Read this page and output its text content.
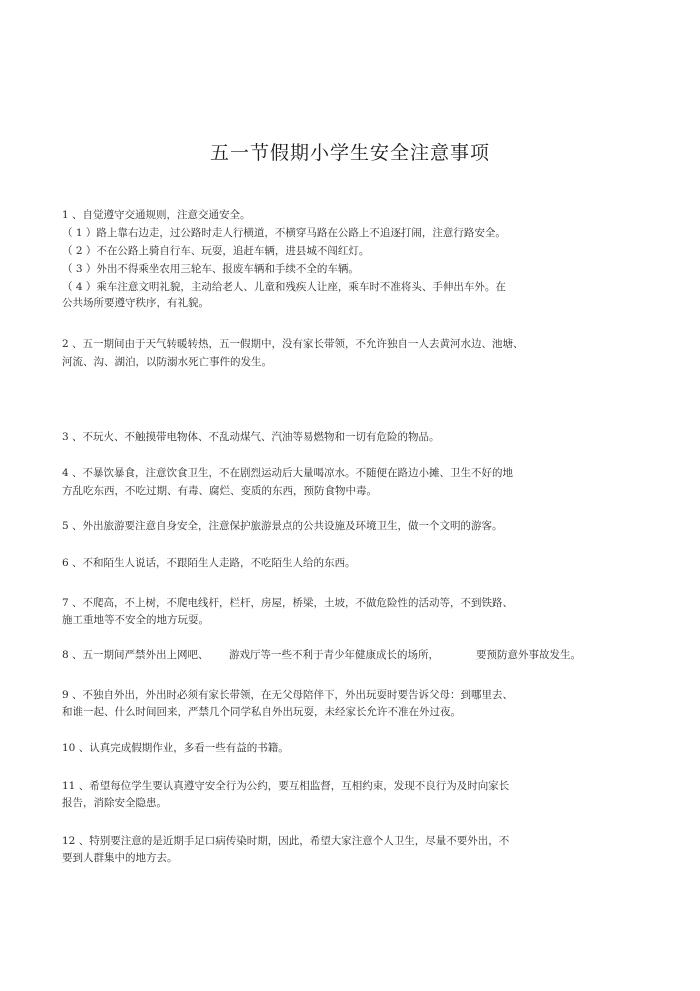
五一节假期小学生安全注意事项
1 、自觉遵守交通规则，注意交通安全。
（ 1 ）路上靠右边走，过公路时走人行横道，不横穿马路在公路上不追逐打闹，注意行路安全。
（ 2 ）不在公路上骑自行车、玩耍，追赶车辆，进县城不闯红灯。
（ 3 ）外出不得乘坐农用三轮车、报废车辆和手续不全的车辆。
（ 4 ）乘车注意文明礼貌，主动给老人、儿童和残疾人让座，乘车时不准将头、手伸出车外。在
公共场所要遵守秩序，有礼貌。
2 、五一期间由于天气转暖转热，五一假期中，没有家长带领，不允许独自一人去黄河水边、池塘、
河流、沟、湖泊，以防溺水死亡事件的发生。
3 、不玩火、不触摸带电物体、不乱动煤气、汽油等易燃物和一切有危险的物品。
4 、不暴饮暴食，注意饮食卫生，不在剧烈运动后大量喝凉水。不随便在路边小摊、卫生不好的地
方乱吃东西，不吃过期、有毒、腐烂、变质的东西，预防食物中毒。
5 、外出旅游要注意自身安全，注意保护旅游景点的公共设施及环境卫生，做一个文明的游客。
6 、不和陌生人说话，不跟陌生人走路，不吃陌生人给的东西。
7 、不爬高，不上树，不爬电线杆，栏杆，房屋，桥梁，土坡，不做危险性的活动等，不到铁路、
施工重地等不安全的地方玩耍。
8 、五一期间严禁外出上网吧、 游戏厅等一些不利于青少年健康成长的场所，	要预防意外事故发生。
9 、不独自外出，外出时必须有家长带领，在无父母陪伴下，外出玩耍时要告诉父母：到哪里去、
和谁一起、什么时间回来，严禁几个同学私自外出玩耍，未经家长允许不准在外过夜。
10 、认真完成假期作业，多看一些有益的书籍。
11 、希望每位学生要认真遵守安全行为公约，要互相监督，互相约束，发现不良行为及时向家长
报告，消除安全隐患。
12 、特别要注意的是近期手足口病传染时期，因此，希望大家注意个人卫生，尽量不要外出，不
要到人群集中的地方去。
